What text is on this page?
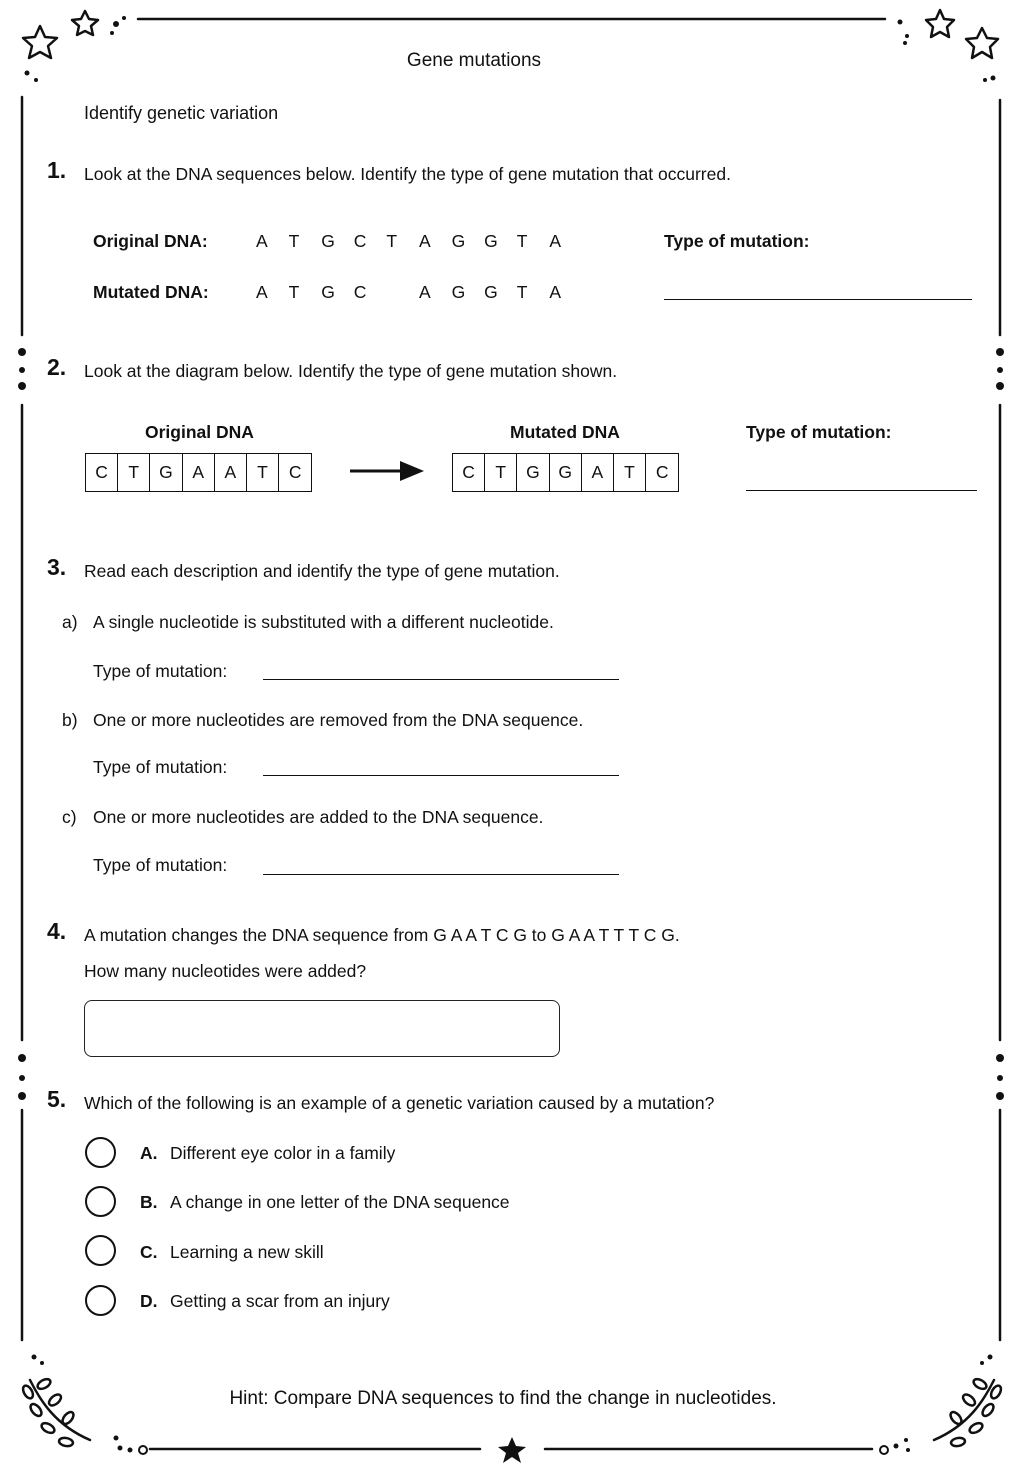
Gene mutations
Identify genetic variation
1. Look at the DNA sequences below. Identify the type of gene mutation that occurred.
Original DNA:	A T G C T A G G T A
Mutated DNA:	A T G C	A G G T A
Type of mutation:
2. Look at the diagram below. Identify the type of gene mutation shown.
Original DNA	Mutated DNA	Type of mutation:
C	T	G	A	A	T	C	C	T	G	G	A	T	C
3. Read each description and identify the type of gene mutation.
a) A single nucleotide is substituted with a different nucleotide.
Type of mutation:
b) One or more nucleotides are removed from the DNA sequence.
Type of mutation:
c) One or more nucleotides are added to the DNA sequence.
Type of mutation:
4. A mutation changes the DNA sequence from G A A T C G to G A A T T T C G.
How many nucleotides were added?
5. Which of the following is an example of a genetic variation caused by a mutation?
A. Different eye color in a family
B. A change in one letter of the DNA sequence
C. Learning a new skill
D. Getting a scar from an injury
Hint: Compare DNA sequences to find the change in nucleotides.
